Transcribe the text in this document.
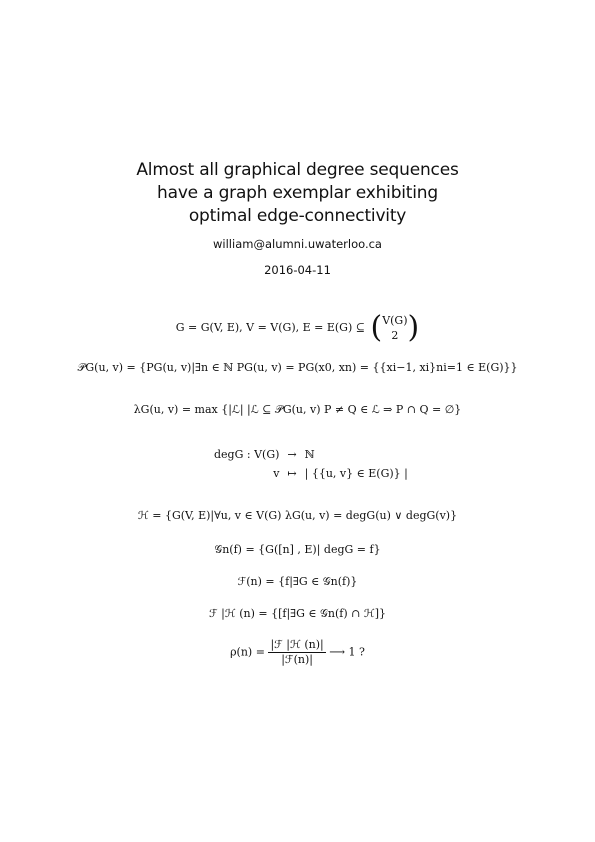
Almost all graphical degree sequences
have a graph exemplar exhibiting
optimal edge-connectivity
william@alumni.uwaterloo.ca
2016-04-11
G = G(V, E), V = V(G), E = E(G) ⊆ ( V(G)
2 )
𝒫G(u, v) = {PG(u, v)|∃n ∈ ℕ PG(u, v) = PG(x0, xn) = {{xi−1, xi}ni=1 ∈ E(G)}}
λG(u, v) = max {|ℒ| |ℒ ⊆ 𝒫G(u, v) P ≠ Q ∈ ℒ ⇒ P ∩ Q = ∅}
degG : V(G)	→	ℕ
v	↦	| {{u, v} ∈ E(G)} |
ℋ = {G(V, E)|∀u, v ∈ V(G) λG(u, v) = degG(u) ∨ degG(v)}
𝒢n(f) = {G([n] , E)| degG = f}
ℱ(n) = {f|∃G ∈ 𝒢n(f)}
ℱ |ℋ (n) = {[f|∃G ∈ 𝒢n(f) ∩ ℋ]}
$\rho(n) = \frac{\text{|ℱ |ℋ (n)|}}{\text{|ℱ(n)|}}$ ⟶ 1 ?
